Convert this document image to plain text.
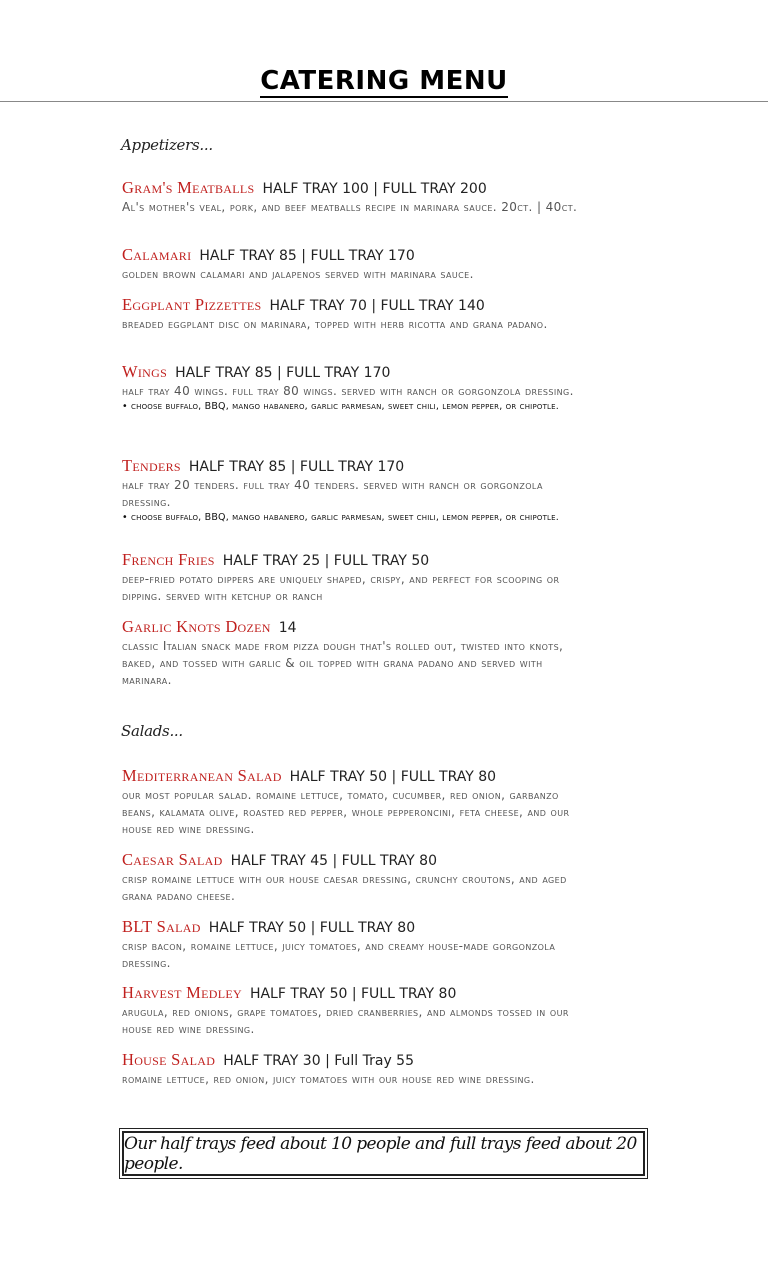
CATERING MENU
Appetizers...
Gram's Meatballs HALF TRAY 100 | FULL TRAY 200
Al's mother's veal, pork, and beef meatballs recipe in marinara sauce. 20ct. | 40ct.
Calamari HALF TRAY 85 | FULL TRAY 170
golden brown calamari and jalapenos served with marinara sauce.
Eggplant Pizzettes HALF TRAY 70 | FULL TRAY 140
breaded eggplant disc on marinara, topped with herb ricotta and grana padano.
Wings HALF TRAY 85 | FULL TRAY 170
half tray 40 wings. full tray 80 wings. served with ranch or gorgonzola dressing.
• choose buffalo, BBQ, mango habanero, garlic parmesan, sweet chili, lemon pepper, or chipotle.
Tenders HALF TRAY 85 | FULL TRAY 170
half tray 20 tenders. full tray 40 tenders. served with ranch or gorgonzola dressing.
• choose buffalo, BBQ, mango habanero, garlic parmesan, sweet chili, lemon pepper, or chipotle.
French Fries HALF TRAY 25 | FULL TRAY 50
deep-fried potato dippers are uniquely shaped, crispy, and perfect for scooping or dipping. served with ketchup or ranch
Garlic Knots Dozen 14
classic Italian snack made from pizza dough that's rolled out, twisted into knots, baked, and tossed with garlic & oil topped with grana padano and served with marinara.
Salads...
Mediterranean Salad HALF TRAY 50 | FULL TRAY 80
our most popular salad. romaine lettuce, tomato, cucumber, red onion, garbanzo beans, kalamata olive, roasted red pepper, whole pepperoncini, feta cheese, and our house red wine dressing.
Caesar Salad HALF TRAY 45 | FULL TRAY 80
crisp romaine lettuce with our house caesar dressing, crunchy croutons, and aged grana padano cheese.
BLT Salad HALF TRAY 50 | FULL TRAY 80
crisp bacon, romaine lettuce, juicy tomatoes, and creamy house-made gorgonzola dressing.
Harvest Medley HALF TRAY 50 | FULL TRAY 80
arugula, red onions, grape tomatoes, dried cranberries, and almonds tossed in our house red wine dressing.
House Salad HALF TRAY 30 | Full Tray 55
romaine lettuce, red onion, juicy tomatoes with our house red wine dressing.
Our half trays feed about 10 people and full trays feed about 20 people.
